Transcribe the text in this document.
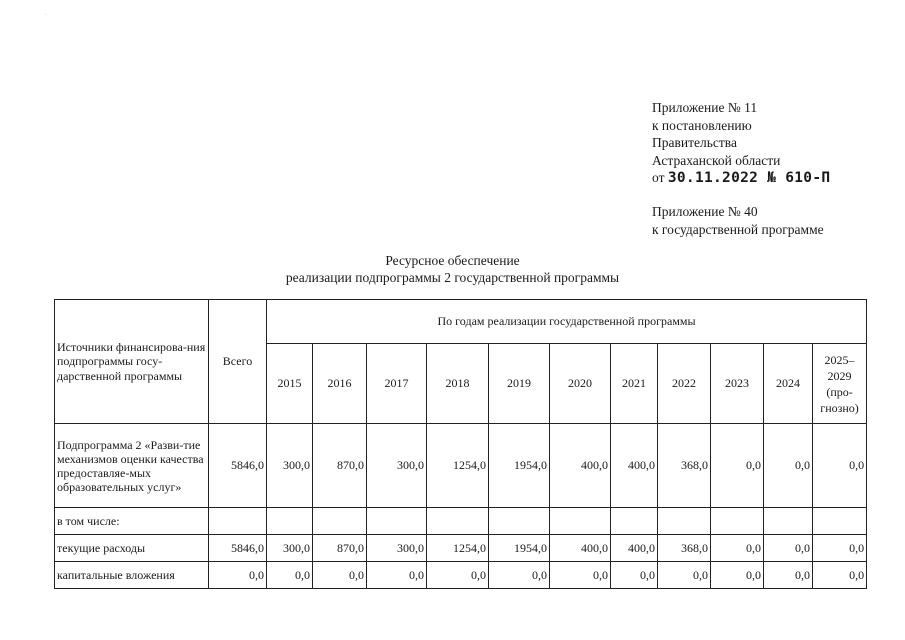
·
Приложение № 11
к постановлению
Правительства
Астраханской области
от 30.11.2022 № 610-П
Приложение № 40
к государственной программе
Ресурсное обеспечение
реализации подпрограммы 2 государственной программы
Источники финансирова-ния подпрограммы госу-дарственной программы	Всего	По годам реализации государственной программы										
		2015	2016	2017	2018	2019	2020	2021	2022	2023	2024	2025–2029 (про-гнозно)
Подпрограмма 2 «Разви-тие механизмов оценки качества предоставляе-мых образовательных услуг»	5846,0	300,0	870,0	300,0	1254,0	1954,0	400,0	400,0	368,0	0,0	0,0	0,0
в том числе:												
текущие расходы	5846,0	300,0	870,0	300,0	1254,0	1954,0	400,0	400,0	368,0	0,0	0,0	0,0
капитальные вложения	0,0	0,0	0,0	0,0	0,0	0,0	0,0	0,0	0,0	0,0	0,0	0,0
